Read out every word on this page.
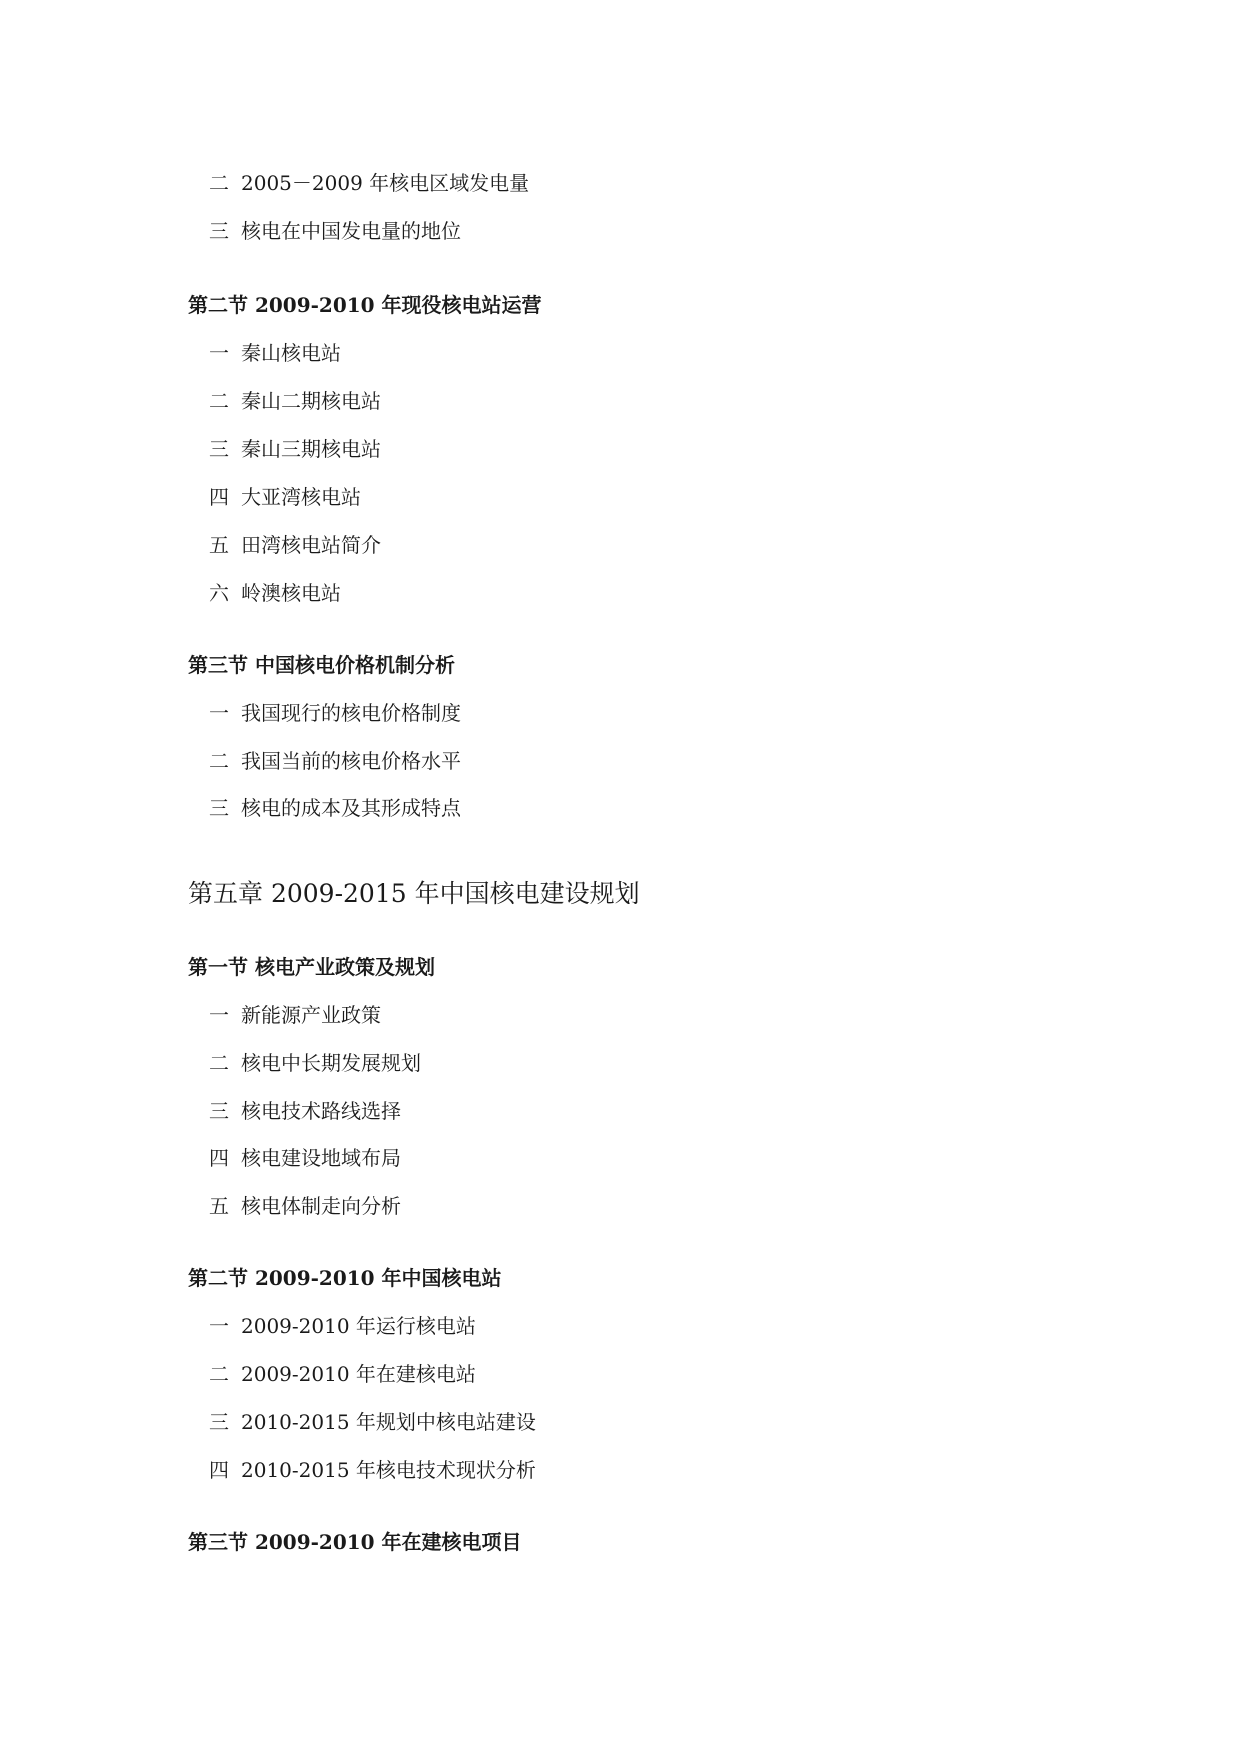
二 2005－2009 年核电区域发电量
三 核电在中国发电量的地位
第二节 2009-2010 年现役核电站运营
一 秦山核电站
二 秦山二期核电站
三 秦山三期核电站
四 大亚湾核电站
五 田湾核电站简介
六 岭澳核电站
第三节 中国核电价格机制分析
一 我国现行的核电价格制度
二 我国当前的核电价格水平
三 核电的成本及其形成特点
第五章 2009-2015 年中国核电建设规划
第一节 核电产业政策及规划
一 新能源产业政策
二 核电中长期发展规划
三 核电技术路线选择
四 核电建设地域布局
五 核电体制走向分析
第二节 2009-2010 年中国核电站
一 2009-2010 年运行核电站
二 2009-2010 年在建核电站
三 2010-2015 年规划中核电站建设
四 2010-2015 年核电技术现状分析
第三节 2009-2010 年在建核电项目
